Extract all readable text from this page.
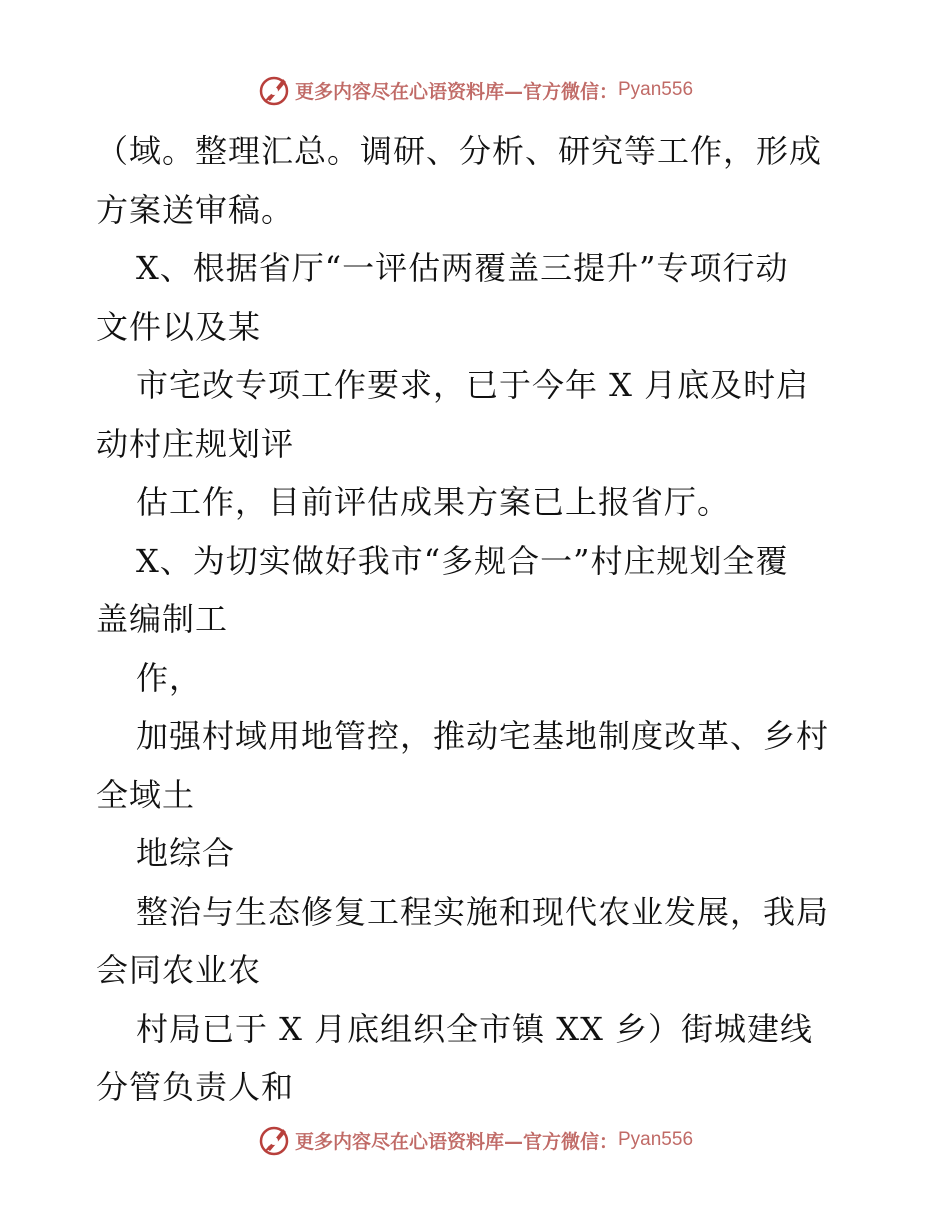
更多内容尽在心语资料库—官方微信： Pyan556
（域。整理汇总。调研、分析、研究等工作，形成
方案送审稿。
X、根据省厅“一评估两覆盖三提升”专项行动
文件以及某
市宅改专项工作要求，已于今年 X 月底及时启
动村庄规划评
估工作，目前评估成果方案已上报省厅。
X、为切实做好我市“多规合一”村庄规划全覆
盖编制工
作，
加强村域用地管控，推动宅基地制度改革、乡村
全域土
地综合
整治与生态修复工程实施和现代农业发展，我局
会同农业农
村局已于 X 月底组织全市镇 XX 乡）街城建线
分管负责人和
更多内容尽在心语资料库—官方微信： Pyan556
